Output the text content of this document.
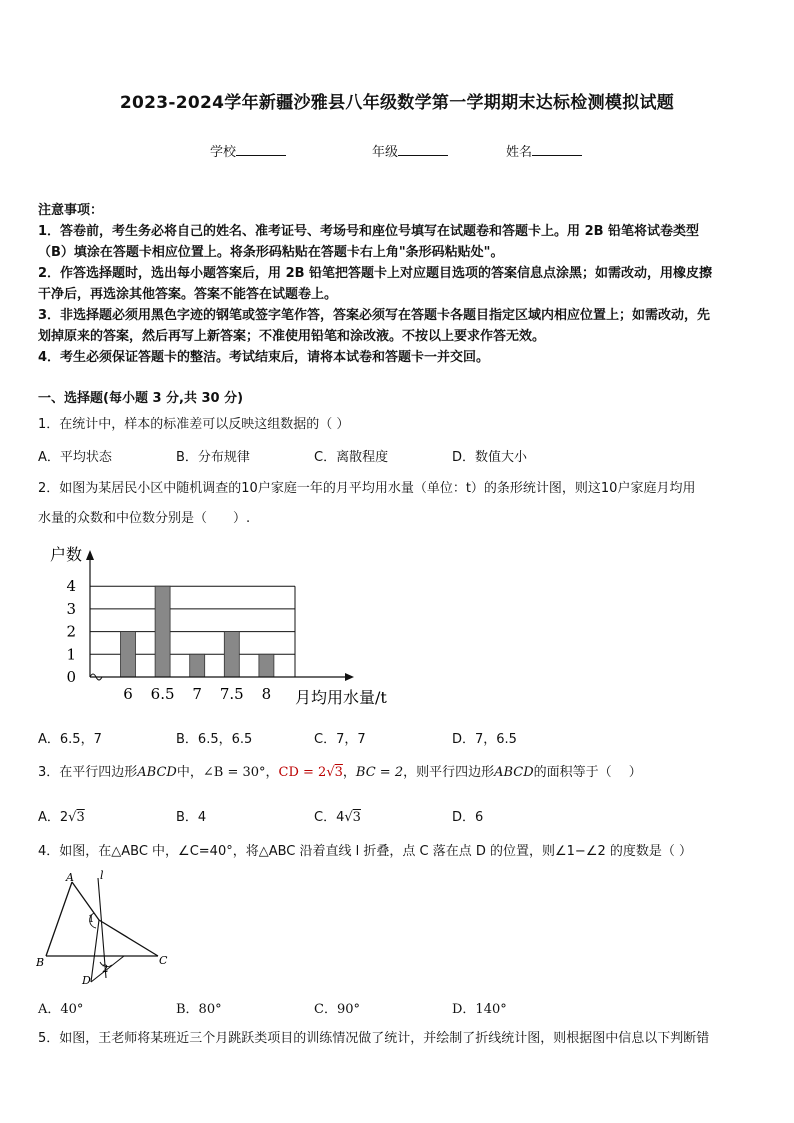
2023-2024学年新疆沙雅县八年级数学第一学期期末达标检测模拟试题
学校	年级	姓名
注意事项：
1．答卷前，考生务必将自己的姓名、准考证号、考场号和座位号填写在试题卷和答题卡上。用 2B 铅笔将试卷类型
（B）填涂在答题卡相应位置上。将条形码粘贴在答题卡右上角"条形码粘贴处"。
2．作答选择题时，选出每小题答案后，用 2B 铅笔把答题卡上对应题目选项的答案信息点涂黑；如需改动，用橡皮擦
干净后，再选涂其他答案。答案不能答在试题卷上。
3．非选择题必须用黑色字迹的钢笔或签字笔作答，答案必须写在答题卡各题目指定区域内相应位置上；如需改动，先
划掉原来的答案，然后再写上新答案；不准使用铅笔和涂改液。不按以上要求作答无效。
4．考生必须保证答题卡的整洁。考试结束后，请将本试卷和答题卡一并交回。
一、选择题(每小题 3 分,共 30 分)
1．在统计中，样本的标准差可以反映这组数据的（ ）
A．平均状态	B．分布规律	C．离散程度	D．数值大小
2．如图为某居民小区中随机调查的10户家庭一年的月平均用水量（单位：t）的条形统计图，则这10户家庭月均用
水量的众数和中位数分别是（　　）.
0
1
2
3
4
6 6.5 7 7.5 8
户数
月均用水量/t
A．6.5，7	B．6.5，6.5	C．7，7	D．7，6.5
3．在平行四边形ABCD中，∠B = 30°，CD = 2√3，BC = 2，则平行四边形ABCD的面积等于（　 ）
A．2√3	B．4	C．4√3	D．6
4．如图，在△ABC 中，∠C=40°，将△ABC 沿着直线 l 折叠，点 C 落在点 D 的位置，则∠1−∠2 的度数是（ ）
A
B	C
D
l
1
2
A．40°	B．80°	C．90°	D．140°
5．如图，王老师将某班近三个月跳跃类项目的训练情况做了统计，并绘制了折线统计图，则根据图中信息以下判断错
